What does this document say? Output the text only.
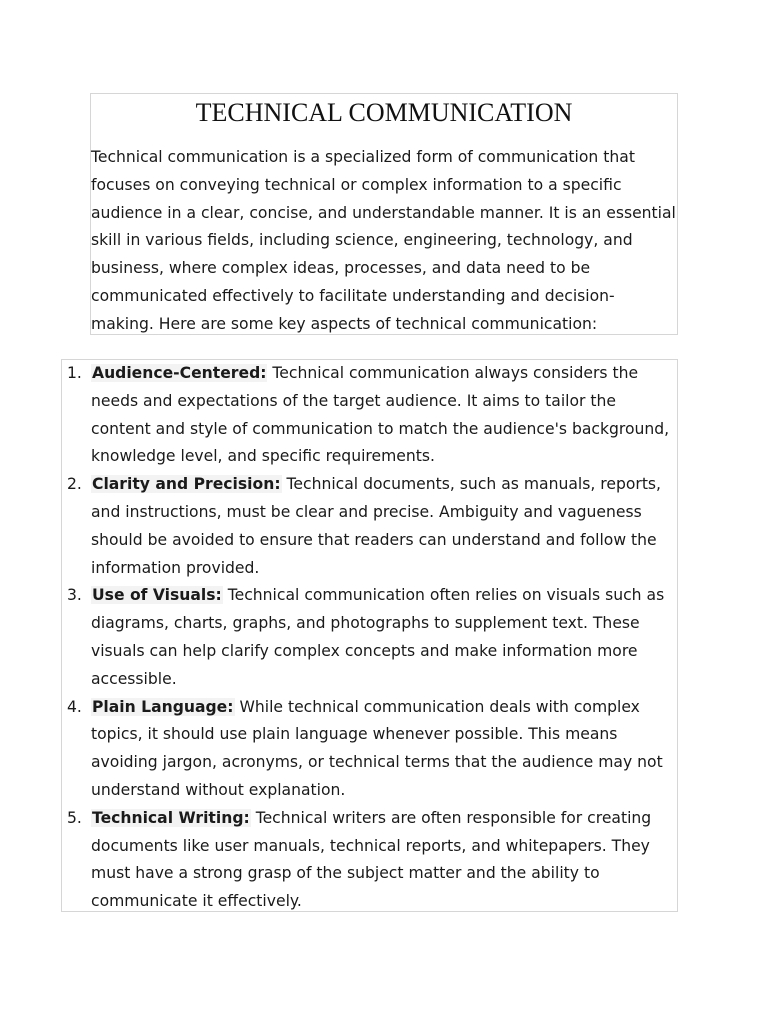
TECHNICAL COMMUNICATION

Technical communication is a specialized form of communication that focuses on conveying technical or complex information to a specific audience in a clear, concise, and understandable manner. It is an essential skill in various fields, including science, engineering, technology, and business, where complex ideas, processes, and data need to be communicated effectively to facilitate understanding and decision-making. Here are some key aspects of technical communication:

1. Audience-Centered: Technical communication always considers the needs and expectations of the target audience. It aims to tailor the content and style of communication to match the audience's background, knowledge level, and specific requirements.
2. Clarity and Precision: Technical documents, such as manuals, reports, and instructions, must be clear and precise. Ambiguity and vagueness should be avoided to ensure that readers can understand and follow the information provided.
3. Use of Visuals: Technical communication often relies on visuals such as diagrams, charts, graphs, and photographs to supplement text. These visuals can help clarify complex concepts and make information more accessible.
4. Plain Language: While technical communication deals with complex topics, it should use plain language whenever possible. This means avoiding jargon, acronyms, or technical terms that the audience may not understand without explanation.
5. Technical Writing: Technical writers are often responsible for creating documents like user manuals, technical reports, and whitepapers. They must have a strong grasp of the subject matter and the ability to communicate it effectively.
